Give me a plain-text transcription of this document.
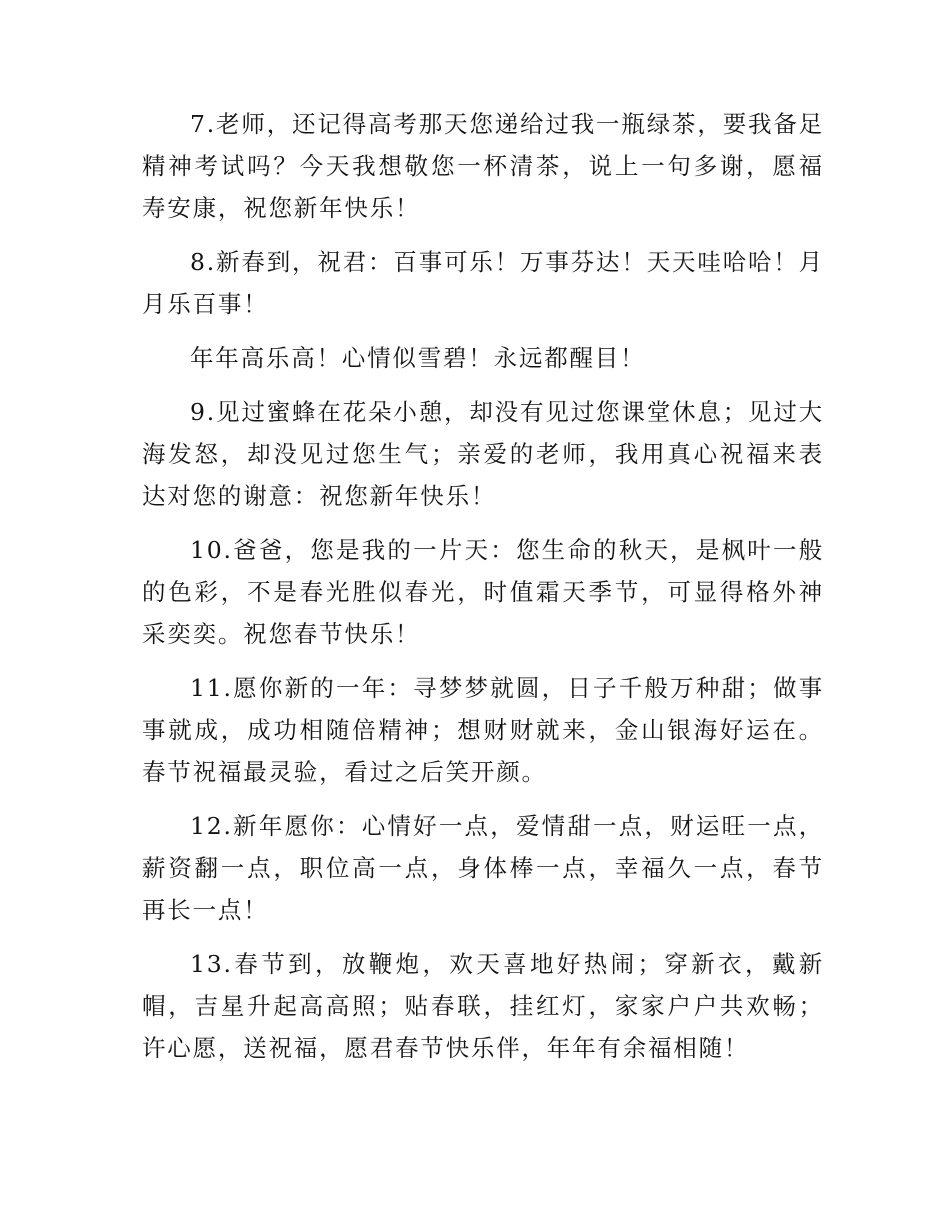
7.老师，还记得高考那天您递给过我一瓶绿茶，要我备足精神考试吗？今天我想敬您一杯清茶，说上一句多谢，愿福寿安康，祝您新年快乐！

8.新春到，祝君：百事可乐！万事芬达！天天哇哈哈！月月乐百事！

年年高乐高！心情似雪碧！永远都醒目！

9.见过蜜蜂在花朵小憩，却没有见过您课堂休息；见过大海发怒，却没见过您生气；亲爱的老师，我用真心祝福来表达对您的谢意：祝您新年快乐！

10.爸爸，您是我的一片天：您生命的秋天，是枫叶一般的色彩，不是春光胜似春光，时值霜天季节，可显得格外神采奕奕。祝您春节快乐！

11.愿你新的一年：寻梦梦就圆，日子千般万种甜；做事事就成，成功相随倍精神；想财财就来，金山银海好运在。春节祝福最灵验，看过之后笑开颜。

12.新年愿你：心情好一点，爱情甜一点，财运旺一点，薪资翻一点，职位高一点，身体棒一点，幸福久一点，春节再长一点！

13.春节到，放鞭炮，欢天喜地好热闹；穿新衣，戴新帽，吉星升起高高照；贴春联，挂红灯，家家户户共欢畅；许心愿，送祝福，愿君春节快乐伴，年年有余福相随！
